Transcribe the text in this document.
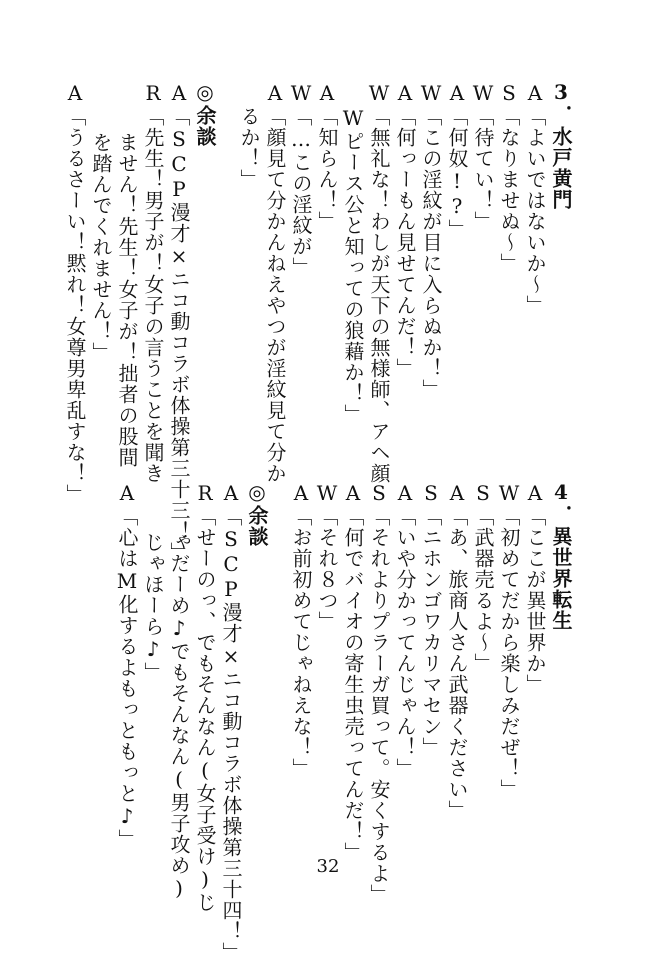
3．水戸黄門
A
「よいではないか〜」
S
「なりませぬ〜」
W
「待てい！」
A
「何奴!?」
W
「この淫紋が目に入らぬか！」
A
「何っーもん見せてんだ！」
W
「無礼な！わしが天下の無様師、アヘ顔
Wピース公と知っての狼藉か！」
A
「知らん！」
W
「…この淫紋が」
A
「顔見て分かんねえやつが淫紋見て分か
るか！」
◎余談
A
「SCP漫才×ニコ動コラボ体操第三十三！」
R
「先生！男子が！女子の言うことを聞き
ません！先生！女子が！拙者の股間
を踏んでくれません！」
A
「うるさーい！黙れ！女尊男卑乱すな！」
4．異世界転生
A
「ここが異世界か」
W
「初めてだから楽しみだぜ！」
S
「武器売るよ〜」
A
「あ、旅商人さん武器ください」
S
「ニホンゴワカリマセン」
A
「いや分かってんじゃん！」
S
「それよりプラーガ買って。安くするよ」
A
「何でバイオの寄生虫売ってんだ！」
W
「それ８つ」
A
「お前初めてじゃねえな！」
◎余談
A
「SCP漫才×ニコ動コラボ体操第三十四！」
R
「せーのっ、でもそんなん(女子受け)じ
ゃだーめ♪でもそんなん(男子攻め)
じゃほーら♪」
A
「心はM化するよもっともっと♪」
32
